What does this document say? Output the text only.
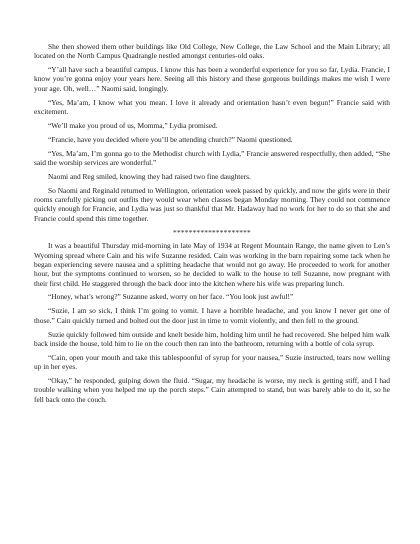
She then showed them other buildings like Old College, New College, the Law School and the Main Library; all located on the North Campus Quadrangle nestled amongst centuries-old oaks.

“Y’all have such a beautiful campus. I know this has been a wonderful experience for you so far, Lydia. Francie, I know you’re gonna enjoy your years here. Seeing all this history and these gorgeous buildings makes me wish I were your age. Oh, well…” Naomi said, longingly.

“Yes, Ma’am, I know what you mean. I love it already and orientation hasn’t even begun!” Francie said with excitement.

“We’ll make you proud of us, Momma,” Lydia promised.

“Francie, have you decided where you’ll be attending church?” Naomi questioned.

“Yes, Ma’am, I’m gonna go to the Methodist church with Lydia,” Francie answered respectfully, then added, “She said the worship services are wonderful.”

Naomi and Reg smiled, knowing they had raised two fine daughters.

So Naomi and Reginald returned to Wellington, orientation week passed by quickly, and now the girls were in their rooms carefully picking out outfits they would wear when classes began Monday morning. They could not commence quickly enough for Francie, and Lydia was just so thankful that Mr. Hadaway had no work for her to do so that she and Francie could spend this time together.

********************

It was a beautiful Thursday mid-morning in late May of 1934 at Regent Mountain Range, the name given to Len’s Wyoming spread where Cain and his wife Suzanne resided. Cain was working in the barn repairing some tack when he began experiencing severe nausea and a splitting headache that would not go away. He proceeded to work for another hour, but the symptoms continued to worsen, so he decided to walk to the house to tell Suzanne, now pregnant with their first child. He staggered through the back door into the kitchen where his wife was preparing lunch.

“Honey, what’s wrong?” Suzanne asked, worry on her face. “You look just awful!”

“Suzie, I am so sick, I think I’m going to vomit. I have a horrible headache, and you know I never get one of those.” Cain quickly turned and bolted out the door just in time to vomit violently, and then fell to the ground.

Suzie quickly followed him outside and knelt beside him, holding him until he had recovered. She helped him walk back inside the house, told him to lie on the couch then ran into the bathroom, returning with a bottle of cola syrup.

“Cain, open your mouth and take this tablespoonful of syrup for your nausea,” Suzie instructed, tears now welling up in her eyes.

“Okay,” he responded, gulping down the fluid. “Sugar, my headache is worse, my neck is getting stiff, and I had trouble walking when you helped me up the porch steps.” Cain attempted to stand, but was barely able to do it, so he fell back onto the couch.
